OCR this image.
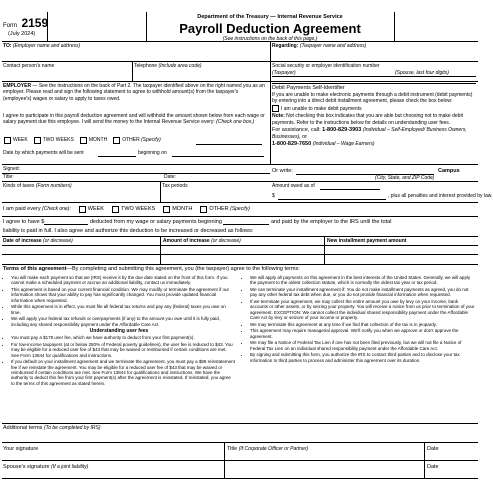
Form 2159
(July 2024)
Department of the Treasury — Internal Revenue Service
Payroll Deduction Agreement
(See instructions on the back of this page.)
TO:
(Employer name and address)	Regarding:
(Taxpayer name and address)
Contact person's name	Telephone
(Include area code)	Social security or employer identification number
(Taxpayer)	(Spouse, last four digits)
EMPLOYER — See the instructions on the back of Part 2. The taxpayer identified above on the right named you as an employer. Please read and sign the following statement to agree to withhold amount(s) from the taxpayer's (employee's) wages or salary to apply to taxes owed.
I agree to participate in this payroll deduction agreement and will withhold the amount shown below from each wage or salary payment due this employee. I will send the money to the Internal Revenue Service every: (Check one box.)
WEEK	TWO WEEKS	MONTH	OTHER
(Specify)
Date by which payments will be sent	beginning on
Signed:
Title:	Date:
Kinds of taxes
(Form numbers)	Tax periods
Debit Payments Self-Identifier
If you are unable to make electronic payments through a debit instrument (debit payments) by entering into a direct debit installment agreement, please check the box below:
I am unable to make debit payments
Note: Not checking this box indicates that you are able but choosing not to make debit payments. Refer to the instructions below for details on understanding user fees.
For assistance, call: 1-800-829-3903 (Individual – Self-Employed/ Business Owners, Businesses), or
1-800-829-7650 (Individual – Wage Earners)
Or write:	Campus
(City, State, and ZIP Code)
Amount owed as of
$	, plus all penalties and interest provided by law.
I am paid every
(Check one):	WEEK	TWO WEEKS	MONTH	OTHER
(Specify)
I agree to have $
	deducted from my wage or salary payments beginning

	and paid by the employer to the IRS until the total
liability is paid in full. I also agree and authorize this deduction to be increased or decreased as follows:
Date of increase
(or decrease)	Amount of increase
(or decrease)	New installment payment amount
Terms of this agreement—By completing and submitting this agreement, you (the taxpayer) agree to the following terms:
• You will make each payment so that we (IRS) receive it by the due date stated on the front of this form. If you cannot make a scheduled payment or accrue an additional liability, contact us immediately.
• This agreement is based on your current financial condition. We may modify or terminate the agreement if our information shows that your ability to pay has significantly changed. You must provide updated financial information when requested.
• While this agreement is in effect, you must file all federal tax returns and pay any (federal) taxes you owe on time.
• We will apply your federal tax refunds or overpayments (if any) to the amount you owe until it is fully paid, including any shared responsibility payment under the Affordable Care Act.
Understanding user fees
• You must pay a $178 user fee, which we have authority to deduct from your first payment(s).
• For low-income taxpayers (at or below 250% of Federal poverty guidelines), the user fee is reduced to $43. You may be eligible for a reduced user fee of $43 that may be waived or reimbursed if certain conditions are met. See Form 13844 for qualifications and instructions.
• If you default on your installment agreement and we terminate the agreement, you must pay a $89 reinstatement fee if we reinstate the agreement. You may be eligible for a reduced user fee of $43 that may be waived or reimbursed if certain conditions are met. See Form 13844 for qualifications and instructions. We have the authority to deduct this fee from your first payment(s) after the agreement is reinstated. If reinstated, you agree to the terms of this agreement as stated herein.
• We will apply all payments on this agreement in the best interests of the United States. Generally, we will apply the payment to the oldest collection statute, which is normally the oldest tax year or tax period.
• We can terminate your installment agreement if: You do not make installment payments as agreed, you do not pay any other federal tax debt when due, or you do not provide financial information when requested.
• If we terminate your agreement, we may collect the entire amount you owe by levy on your income, bank accounts or other assets, or by seizing your property. You will receive a notice from us prior to termination of your agreement. EXCEPTION: We cannot collect the individual shared responsibility payment under the Affordable Care Act by levy or seizure of your income or property.
• We may terminate this agreement at any time if we find that collection of the tax is in jeopardy.
• This agreement may require managerial approval. We'll notify you when we approve or don't approve the agreement.
• We may file a Notice of Federal Tax Lien if one has not been filed previously, but we will not file a Notice of Federal Tax Lien on an individual shared responsibility payment under the Affordable Care Act.
• By signing and submitting this form, you authorize the IRS to contact third parties and to disclose your tax information to third parties to process and administer this agreement over its duration.
Additional terms
(To be completed by IRS)
Your signature	Title
(If Corporate Officer or Partner)	Date
Spouse's signature
(If a joint liability)	Date
